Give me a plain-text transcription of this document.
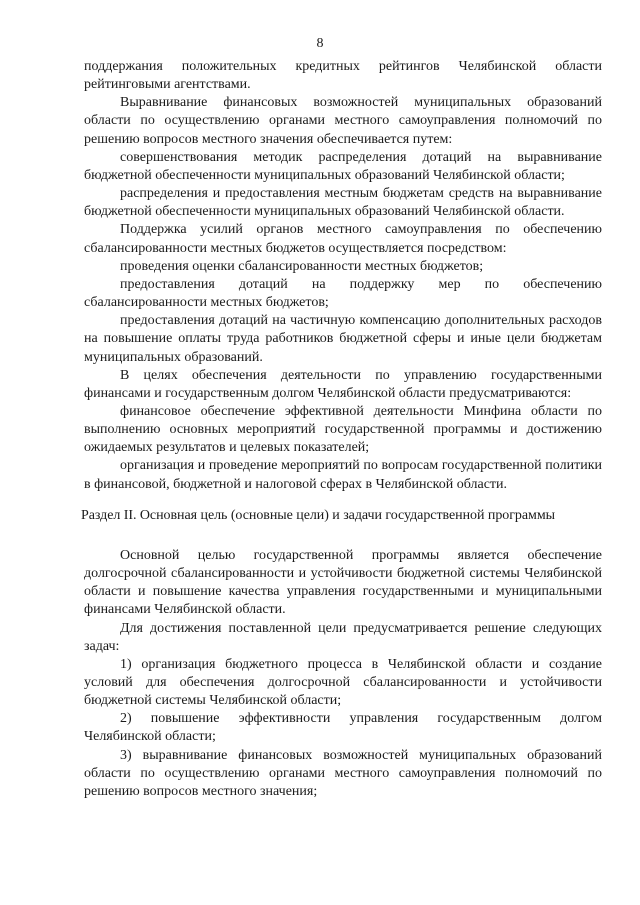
8

поддержания положительных кредитных рейтингов Челябинской области рейтинговыми агентствами.

Выравнивание финансовых возможностей муниципальных образований области по осуществлению органами местного самоуправления полномочий по решению вопросов местного значения обеспечивается путем:

совершенствования методик распределения дотаций на выравнивание бюджетной обеспеченности муниципальных образований Челябинской области;

распределения и предоставления местным бюджетам средств на выравнивание бюджетной обеспеченности муниципальных образований Челябинской области.

Поддержка усилий органов местного самоуправления по обеспечению сбалансированности местных бюджетов осуществляется посредством:

проведения оценки сбалансированности местных бюджетов;

предоставления дотаций на поддержку мер по обеспечению сбалансированности местных бюджетов;

предоставления дотаций на частичную компенсацию дополнительных расходов на повышение оплаты труда работников бюджетной сферы и иные цели бюджетам муниципальных образований.

В целях обеспечения деятельности по управлению государственными финансами и государственным долгом Челябинской области предусматриваются:

финансовое обеспечение эффективной деятельности Минфина области по выполнению основных мероприятий государственной программы и достижению ожидаемых результатов и целевых показателей;

организация и проведение мероприятий по вопросам государственной политики в финансовой, бюджетной и налоговой сферах в Челябинской области.

Раздел II. Основная цель (основные цели) и задачи государственной программы

Основной целью государственной программы является обеспечение долгосрочной сбалансированности и устойчивости бюджетной системы Челябинской области и повышение качества управления государственными и муниципальными финансами Челябинской области.

Для достижения поставленной цели предусматривается решение следующих задач:

1) организация бюджетного процесса в Челябинской области и создание условий для обеспечения долгосрочной сбалансированности и устойчивости бюджетной системы Челябинской области;

2) повышение эффективности управления государственным долгом Челябинской области;

3) выравнивание финансовых возможностей муниципальных образований области по осуществлению органами местного самоуправления полномочий по решению вопросов местного значения;
